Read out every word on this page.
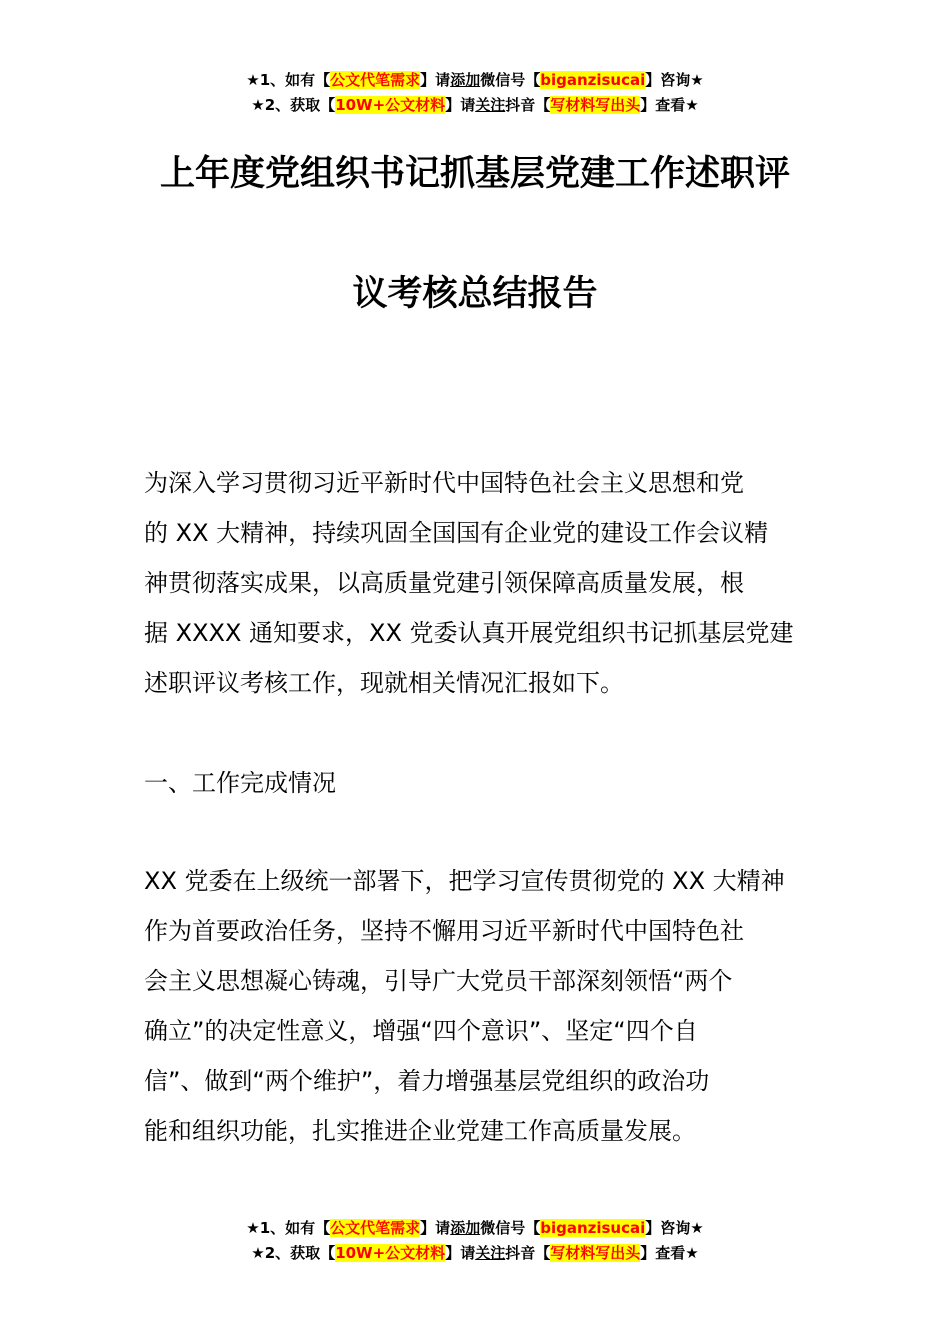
★1、如有【公文代笔需求】请添加微信号【biganzisucai】咨询★
★2、获取【10W+公文材料】请关注抖音【写材料写出头】查看★
上年度党组织书记抓基层党建工作述职评
议考核总结报告
为深入学习贯彻习近平新时代中国特色社会主义思想和党
的 XX 大精神，持续巩固全国国有企业党的建设工作会议精
神贯彻落实成果，以高质量党建引领保障高质量发展，根
据 XXXX 通知要求，XX 党委认真开展党组织书记抓基层党建
述职评议考核工作，现就相关情况汇报如下。
一、工作完成情况
XX 党委在上级统一部署下，把学习宣传贯彻党的 XX 大精神
作为首要政治任务，坚持不懈用习近平新时代中国特色社
会主义思想凝心铸魂，引导广大党员干部深刻领悟“两个
确立”的决定性意义，增强“四个意识”、坚定“四个自
信”、做到“两个维护”，着力增强基层党组织的政治功
能和组织功能，扎实推进企业党建工作高质量发展。
★1、如有【公文代笔需求】请添加微信号【biganzisucai】咨询★
★2、获取【10W+公文材料】请关注抖音【写材料写出头】查看★
